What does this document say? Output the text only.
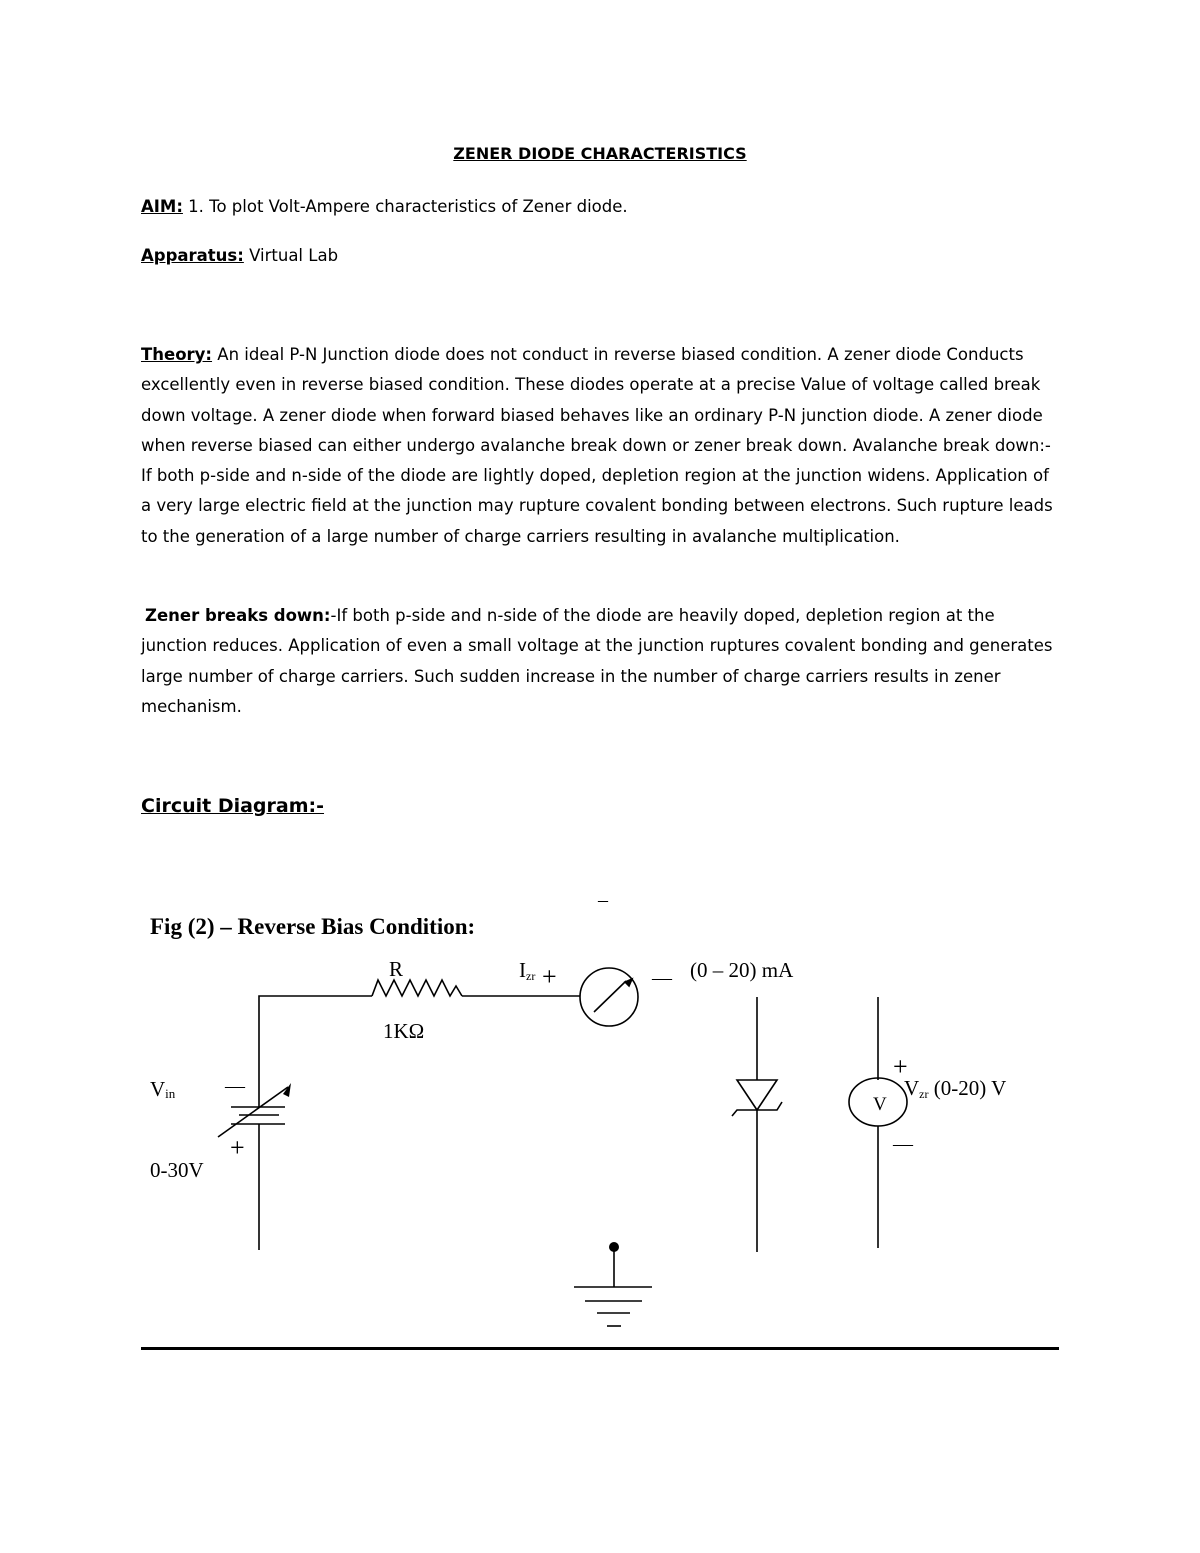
ZENER DIODE CHARACTERISTICS
AIM: 1. To plot Volt-Ampere characteristics of Zener diode.
Apparatus: Virtual Lab
Theory: An ideal P-N Junction diode does not conduct in reverse biased condition. A zener diode Conducts excellently even in reverse biased condition. These diodes operate at a precise Value of voltage called break down voltage. A zener diode when forward biased behaves like an ordinary P-N junction diode. A zener diode when reverse biased can either undergo avalanche break down or zener break down. Avalanche break down:-If both p-side and n-side of the diode are lightly doped, depletion region at the junction widens. Application of a very large electric field at the junction may rupture covalent bonding between electrons. Such rupture leads to the generation of a large number of charge carriers resulting in avalanche multiplication.
Zener breaks down:-If both p-side and n-side of the diode are heavily doped, depletion region at the junction reduces. Application of even a small voltage at the junction ruptures covalent bonding and generates large number of charge carriers. Such sudden increase in the number of charge carriers results in zener mechanism.
Circuit Diagram:-
Fig (2) – Reverse Bias Condition:
–
R
1KΩ
Izr +	— (0 – 20) mA
Vin —
+
0-30V
+
—
V
Vzr (0-20) V
